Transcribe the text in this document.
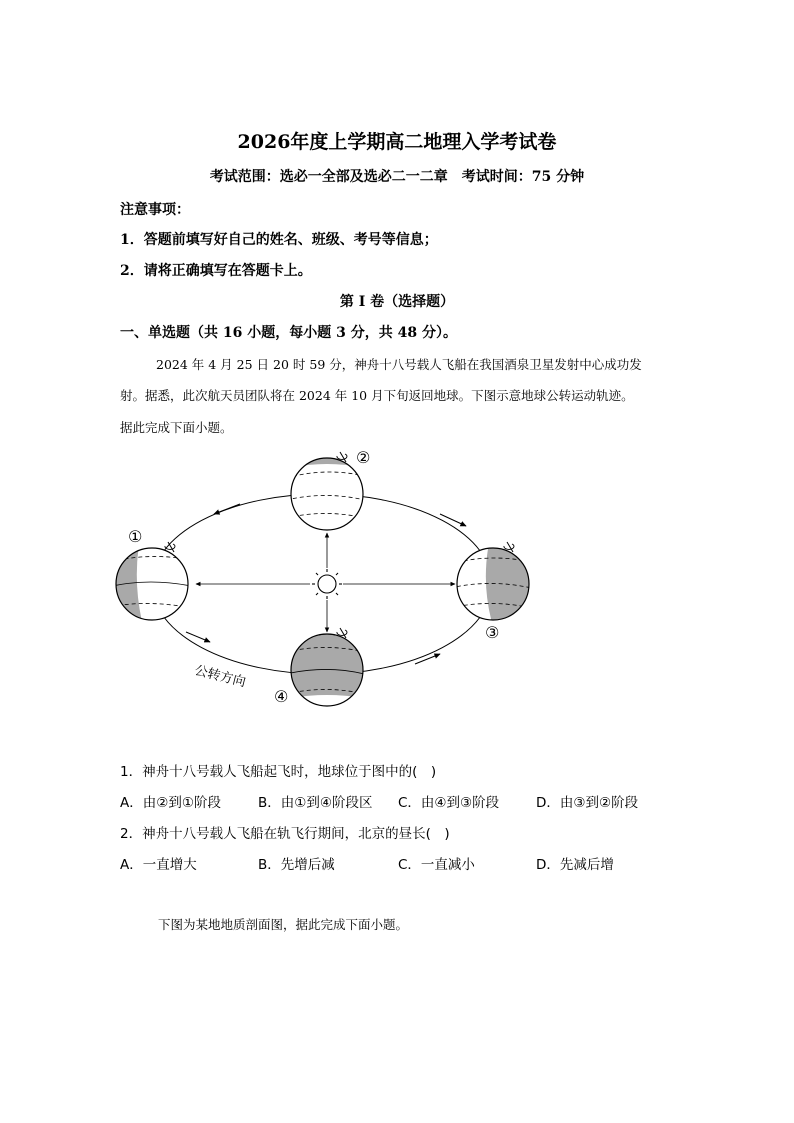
2026年度上学期高二地理入学考试卷
考试范围：选必一全部及选必二一二章　考试时间：75 分钟
注意事项：
1．答题前填写好自己的姓名、班级、考号等信息；
2．请将正确填写在答题卡上。
第 I 卷（选择题）
一、单选题（共 16 小题，每小题 3 分，共 48 分）。
2024 年 4 月 25 日 20 时 59 分，神舟十八号载人飞船在我国酒泉卫星发射中心成功发
射。据悉，此次航天员团队将在 2024 年 10 月下旬返回地球。下图示意地球公转运动轨迹。
据此完成下面小题。
①
②
③
④
公转方向
1．神舟十八号载人飞船起飞时，地球位于图中的(　)
A．由②到①阶段	B．由①到④阶段区 C．由④到③阶段	D．由③到②阶段
2．神舟十八号载人飞船在轨飞行期间，北京的昼长(　)
A．一直增大	B．先增后减	C．一直减小	D．先减后增
下图为某地地质剖面图，据此完成下面小题。
